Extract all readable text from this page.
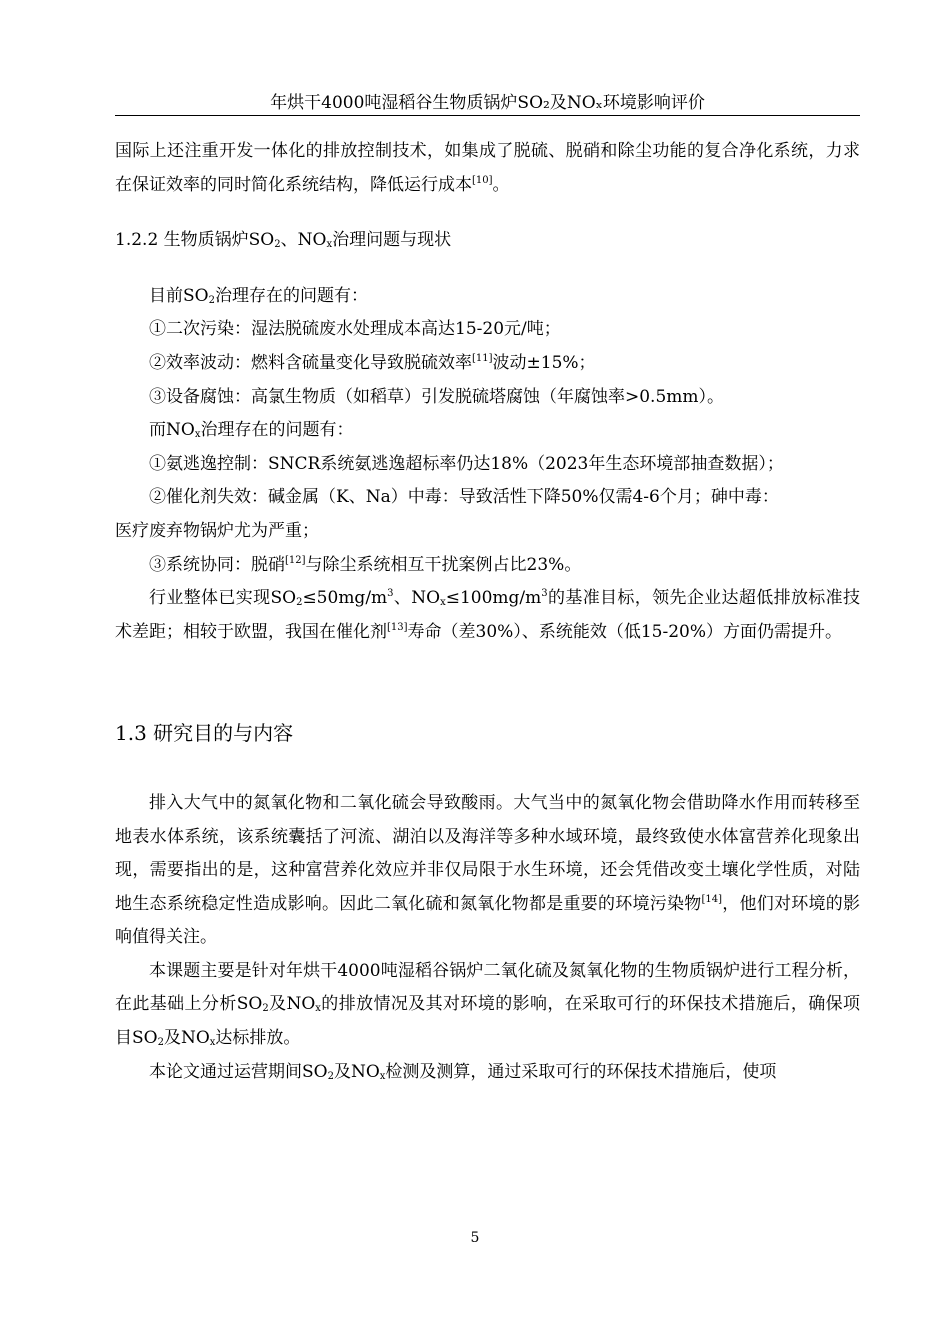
年烘干4000吨湿稻谷生物质锅炉SO₂及NOₓ环境影响评价

国际上还注重开发一体化的排放控制技术，如集成了脱硫、脱硝和除尘功能的复合净化系统，力求在保证效率的同时简化系统结构，降低运行成本[10]。

1.2.2 生物质锅炉$SO_2$、$NO_x$治理问题与现状

目前$SO_2$治理存在的问题有：

①二次污染：湿法脱硫废水处理成本高达15-20元/吨；

②效率波动：燃料含硫量变化导致脱硫效率[11]波动±15%；

③设备腐蚀：高氯生物质（如稻草）引发脱硫塔腐蚀（年腐蚀率>0.5mm）。

而$NO_x$治理存在的问题有：

①氨逃逸控制：SNCR系统氨逃逸超标率仍达18%（2023年生态环境部抽查数据）；

②催化剂失效：碱金属（K、Na）中毒：导致活性下降50%仅需4-6个月；砷中毒：

医疗废弃物锅炉尤为严重；

③系统协同：脱硝[12]与除尘系统相互干扰案例占比23%。

行业整体已实现$SO_2\le 50mg/m^3$、$NO_x\le 100mg/m^3$的基准目标，领先企业达超低排放标准技术差距；相较于欧盟，我国在催化剂[13]寿命（差30%）、系统能效（低15-20%）方面仍需提升。

1.3 研究目的与内容

排入大气中的氮氧化物和二氧化硫会导致酸雨。大气当中的氮氧化物会借助降水作用而转移至地表水体系统，该系统囊括了河流、湖泊以及海洋等多种水域环境，最终致使水体富营养化现象出现，需要指出的是，这种富营养化效应并非仅局限于水生环境，还会凭借改变土壤化学性质，对陆地生态系统稳定性造成影响。因此二氧化硫和氮氧化物都是重要的环境污染物[14]，他们对环境的影响值得关注。

本课题主要是针对年烘干4000吨湿稻谷锅炉二氧化硫及氮氧化物的生物质锅炉进行工程分析，在此基础上分析$SO_2$及$NO_x$的排放情况及其对环境的影响，在采取可行的环保技术措施后，确保项目$SO_2$及$NO_x$达标排放。

本论文通过运营期间$SO_2$及$NO_x$检测及测算，通过采取可行的环保技术措施后，使项

5
